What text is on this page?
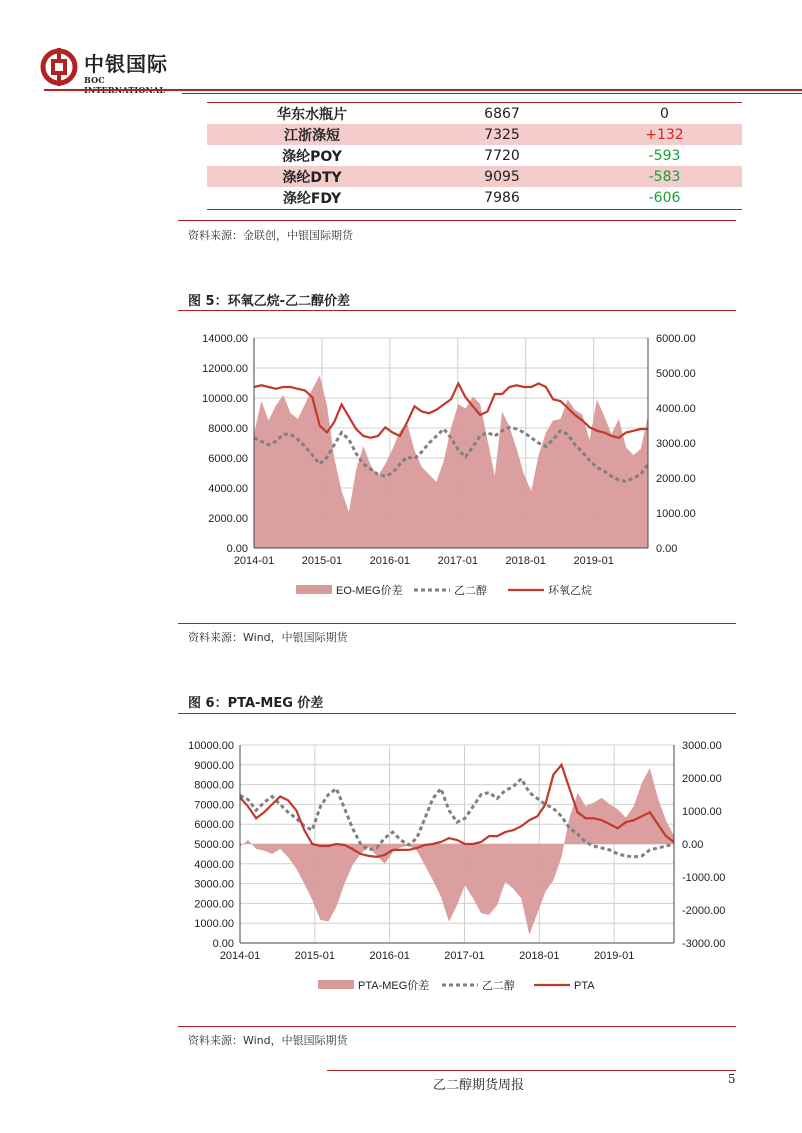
中银国际
BOC
华东水瓶片	6867	0
江浙涤短	7325	+132
涤纶POY	7720	-593
涤纶DTY	9095	-583
涤纶FDY	7986	-606
资料来源：金联创，中银国际期货
图 5：环氧乙烷-乙二醇价差
0.00
2000.00
4000.00
6000.00
8000.00
10000.00
12000.00
14000.00
0.00
1000.00
2000.00
3000.00
4000.00
5000.00
6000.00
2014-01	2015-01	2016-01	2017-01	2018-01	2019-01
EO-MEG价差	乙二醇	环氧乙烷
资料来源：Wind，中银国际期货
图 6：PTA-MEG 价差
0.00
1000.00
2000.00
3000.00
4000.00
5000.00
6000.00
7000.00
8000.00
9000.00
10000.00
-3000.00
-2000.00
-1000.00
0.00
1000.00
2000.00
3000.00
2014-01	2015-01	2016-01	2017-01	2018-01	2019-01
PTA-MEG价差	乙二醇	PTA
资料来源：Wind，中银国际期货
乙二醇期货周报	5
